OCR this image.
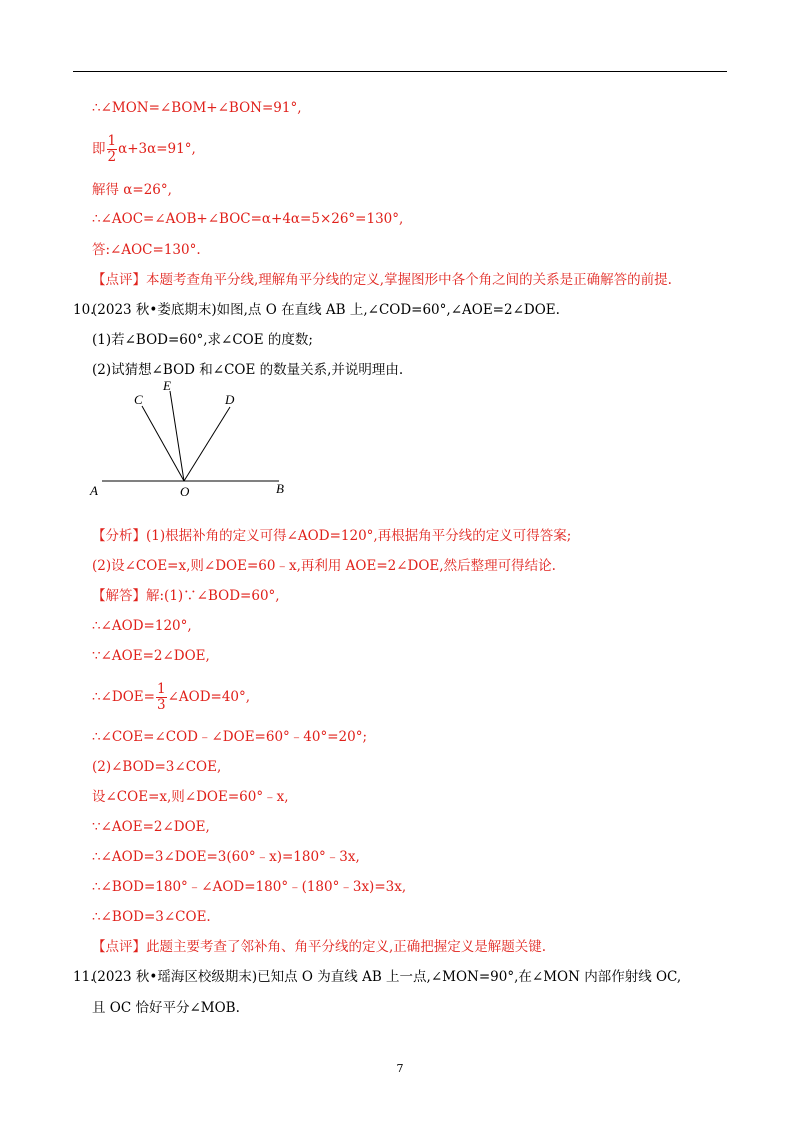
∴∠MON=∠BOM+∠BON=91°,
即 $\frac{1}{2} \alpha+3\alpha=91^\circ$,
解得 α=26°,
∴∠AOC=∠AOB+∠BOC=α+4α=5×26°=130°,
答:∠AOC=130°.
【点评】本题考查角平分线,理解角平分线的定义,掌握图形中各个角之间的关系是正确解答的前提.
10.
(2023 秋•娄底期末)如图,点 O 在直线 AB 上,∠COD=60°,∠AOE=2∠DOE.
(1)若∠BOD=60°,求∠COE 的度数;
(2)试猜想∠BOD 和∠COE 的数量关系,并说明理由.
A	O	B
C
E
D
【分析】(1)根据补角的定义可得∠AOD=120°,再根据角平分线的定义可得答案;
(2)设∠COE=x,则∠DOE=60﹣x,再利用 AOE=2∠DOE,然后整理可得结论.
【解答】解:(1)∵∠BOD=60°,
∴∠AOD=120°,
∵∠AOE=2∠DOE,
∴∠DOE= $\frac{1}{3}$ ∠AOD=40°,
∴∠COE=∠COD﹣∠DOE=60°﹣40°=20°;
(2)∠BOD=3∠COE,
设∠COE=x,则∠DOE=60°﹣x,
∵∠AOE=2∠DOE,
∴∠AOD=3∠DOE=3(60°﹣x)=180°﹣3x,
∴∠BOD=180°﹣∠AOD=180°﹣(180°﹣3x)=3x,
∴∠BOD=3∠COE.
【点评】此题主要考查了邻补角、角平分线的定义,正确把握定义是解题关键.
11.
(2023 秋•瑶海区校级期末)已知点 O 为直线 AB 上一点,∠MON=90°,在∠MON 内部作射线 OC,
且 OC 恰好平分∠MOB.
7
